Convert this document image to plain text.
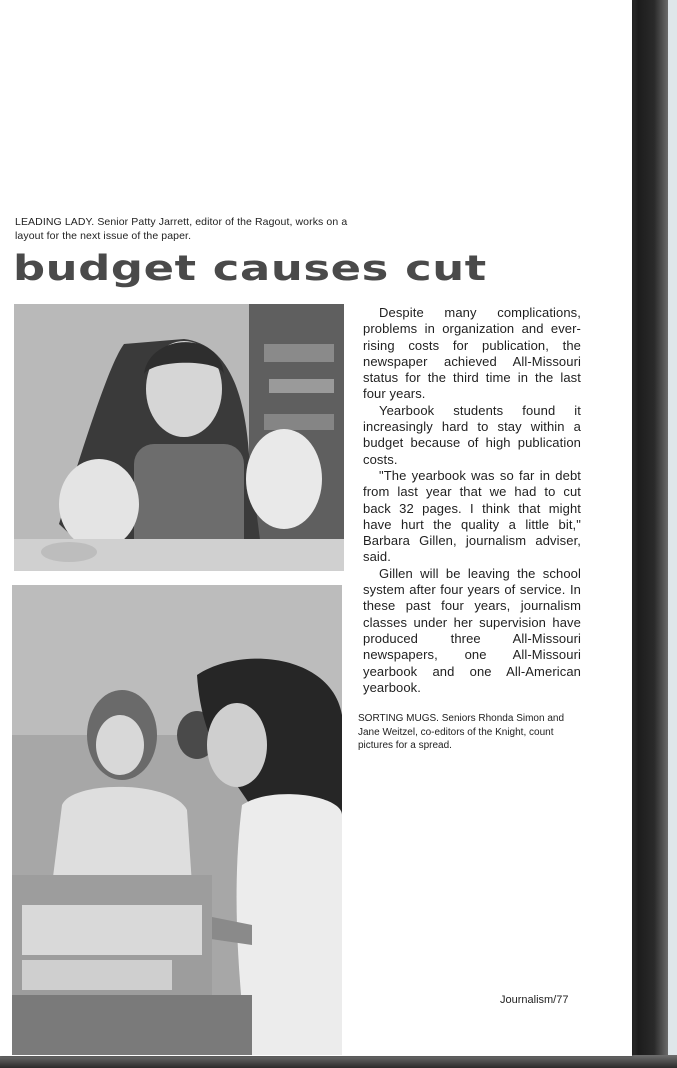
LEADING LADY. Senior Patty Jarrett, editor of the Ragout, works on a layout for the next issue of the paper.
budget causes cut

Despite many complications, problems in organization and ever-rising costs for publication, the newspaper achieved All-Missouri status for the third time in the last four years.

Yearbook students found it increasingly hard to stay within a budget because of high publication costs.

"The yearbook was so far in debt from last year that we had to cut back 32 pages. I think that might have hurt the quality a little bit," Barbara Gillen, journalism adviser, said.

Gillen will be leaving the school system after four years of service. In these past four years, journalism classes under her supervision have produced three All-Missouri newspapers, one All-Missouri yearbook and one All-American yearbook.

SORTING MUGS. Seniors Rhonda Simon and Jane Weitzel, co-editors of the Knight, count pictures for a spread.
Journalism/77
